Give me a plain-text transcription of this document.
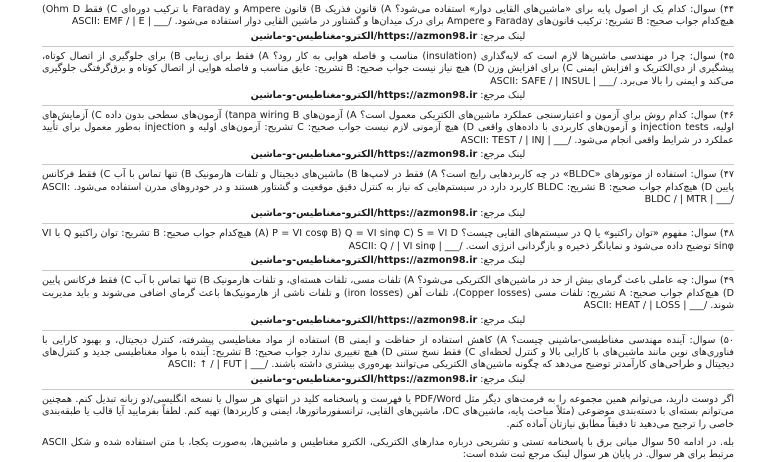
۴۴) سوال: کدام یک از اصول پایه برای «ماشین‌های القایی دوار» استفاده می‌شود؟ A) قانون فذریک B) قانون Ampere و Faraday با ترکیب دوره‌ای C) فقط Ohm D) هیچ‌کدام جواب صحیح: B تشریح: ترکیب قانون‌های Faraday و Ampere برای درک میدان‌ها و گشتاور در ماشین القایی دوار استفاده می‌شود. ASCII: EMF / | E | ___/

لینک مرجع: https://azmon98.ir/الکترو-مغناطیس-و-ماشین

۴۵) سوال: چرا در مهندسی ماشین‌ها لازم است که لایه‌گذاری (insulation) مناسب و فاصله هوایی به کار رود؟ A) فقط برای زیبایی B) برای جلوگیری از اتصال کوتاه، پیشگیری از دی‌الکتریک و افزایش ایمنی C) برای افزایش وزن D) هیچ نیاز نیست جواب صحیح: B تشریح: عایق مناسب و فاصله هوایی از اتصال کوتاه و برق‌گرفتگی جلوگیری می‌کند و ایمنی را بالا می‌برد. ASCII: SAFE / | INSUL | ___/

لینک مرجع: https://azmon98.ir/الکترو-مغناطیس-و-ماشین

۴۶) سوال: کدام روش برای آزمون و اعتبارسنجی عملکرد ماشین‌های الکتریکی معمول است؟ A) آزمون‌های tanpa wiring B) آزمون‌های سطحی بدون داده C) آزمایش‌های اولیه، injection tests و آزمون‌های کاربردی با داده‌های واقعی D) هیچ آزمونی لازم نیست جواب صحیح: C تشریح: آزمون‌های اولیه و injection به‌طور معمول برای تأیید عملکرد در شرایط واقعی انجام می‌شود. ASCII: TEST / | INJ | ___/

لینک مرجع: https://azmon98.ir/الکترو-مغناطیس-و-ماشین

۴۷) سوال: استفاده از موتورهای «BLDC» در چه کاربردهایی رایج است؟ A) فقط در لامپ‌ها B) ماشین‌های دیجیتال و تلفات هارمونیک B) تنها تماس با آب C) فقط فرکانس پایین D) هیچ‌کدام جواب صحیح: B تشریح: BLDC کاربرد دارد در سیستم‌هایی که نیاز به کنترل دقیق موقعیت و گشتاور هستند و در خودروهای مدرن استفاده می‌شود. ASCII: BLDC / | MTR | ___/

لینک مرجع: https://azmon98.ir/الکترو-مغناطیس-و-ماشین

۴۸) سوال: مفهوم «توان راکتیو» یا Q در سیستم‌های القایی چیست؟ A) P = VI cosφ B) Q = VI sinφ C) S = VI D) هیچ‌کدام جواب صحیح: B تشریح: توان راکتیو Q با VI sinφ توضیح داده می‌شود و نمایانگر ذخیره و بازگردانی انرژی است. ASCII: Q / | VI sinφ | ___/

لینک مرجع: https://azmon98.ir/الکترو-مغناطیس-و-ماشین

۴۹) سوال: چه عاملی باعث گرمای بیش از حد در ماشین‌های الکتریکی می‌شود؟ A) تلفات مسی، تلفات هسته‌ای، و تلفات هارمونیک B) تنها تماس با آب C) فقط فرکانس پایین D) هیچ‌کدام جواب صحیح: A تشریح: تلفات مسی (Copper losses)، تلفات آهن (iron losses) و تلفات ناشی از هارمونیک‌ها باعث گرمای اضافی می‌شوند و باید مدیریت شوند. ASCII: HEAT / | LOSS | ___/

لینک مرجع: https://azmon98.ir/الکترو-مغناطیس-و-ماشین

۵۰) سوال: آینده مهندسی مغناطیسی-ماشینی چیست؟ A) کاهش استفاده از حفاظت و ایمنی B) استفاده از مواد مغناطیسی پیشرفته، کنترل دیجیتال، و بهبود کارایی با فناوری‌های نوین مانند ماشین‌های با کارایی بالا و کنترل لحظه‌ای C) فقط نسخ سنتی D) هیچ تغییری ندارد جواب صحیح: B تشریح: آینده با مواد مغناطیسی جدید و کنترل‌های دیجیتال و طراحی‌های کارآمدتر توضیح می‌دهد که چگونه ماشین‌های الکتریکی می‌توانند بهره‌وری بیشتری داشته باشند. ASCII: ↑ / | FUT | ___/

لینک مرجع: https://azmon98.ir/الکترو-مغناطیس-و-ماشین

اگر دوست دارید، می‌توانم همین مجموعه را به فرمت‌های دیگر مثل PDF/Word یا فهرست و پاسخنامه کلید در انتهای هر سوال یا نسخه انگلیسی/دو زبانه تبدیل کنم. همچنین می‌توانم بسته‌ای با دسته‌بندی موضوعی (مثلاً مباحث پایه، ماشین‌های DC، ماشین‌های القایی، ترانسفورماتورها، ایمنی و کاربردها) تهیه کنم. لطفاً بفرمایید آیا قالب یا طبقه‌بندی خاصی را ترجیح می‌دهید تا دقیقاً مطابق نیازتان آماده کنم.

بله. در ادامه 50 سوال میانی برق با پاسخنامه تستی و تشریحی درباره مدارهای الکتریکی، الکترو مغناطیس و ماشین‌ها، به‌صورت یکجا، با متن استفاده شده و شکل ASCII مرتبط برای هر سوال. در پایان هر سوال لینک مرجع ثبت شده است:
